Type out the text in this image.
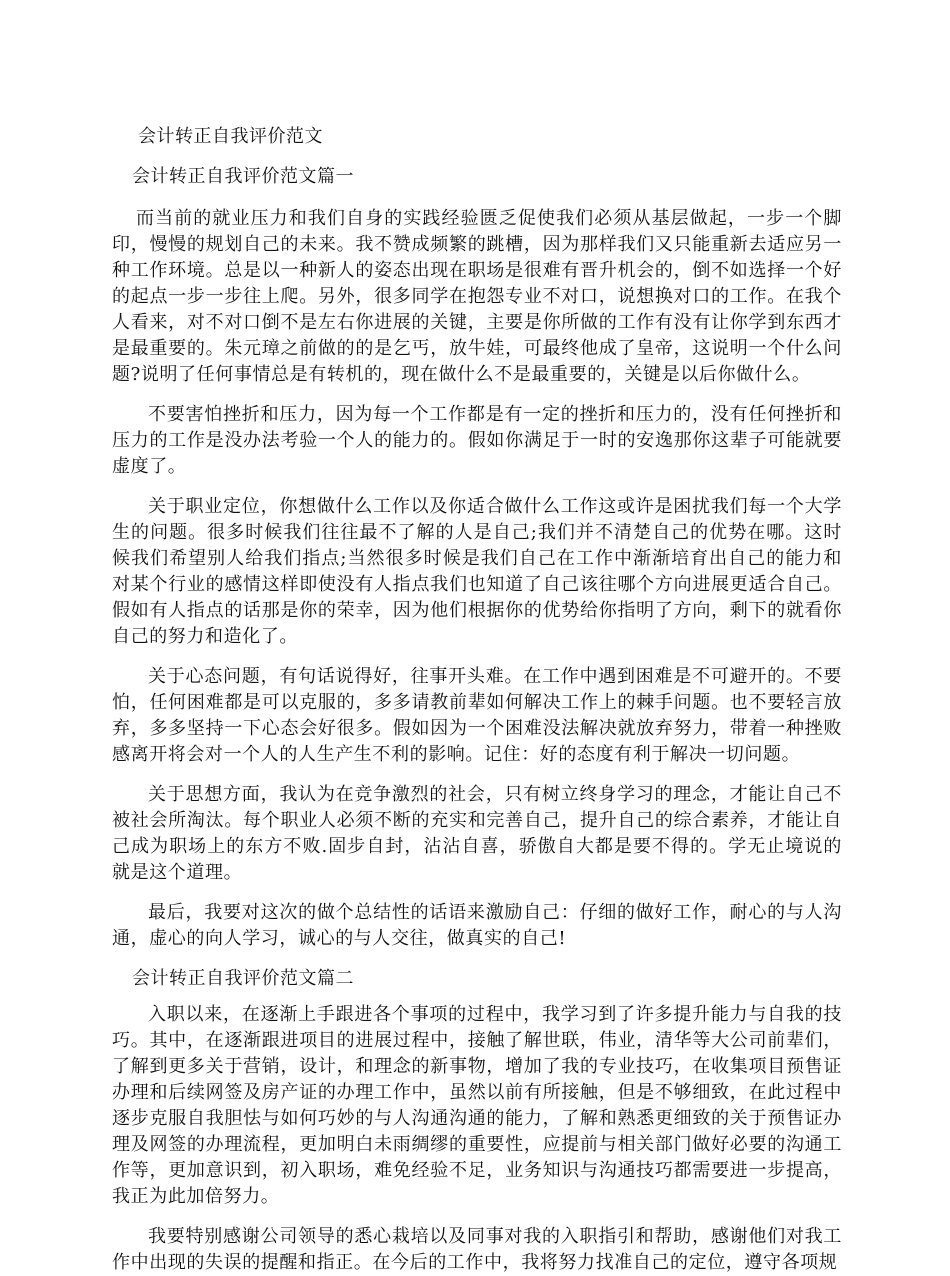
会计转正自我评价范文
会计转正自我评价范文篇一

而当前的就业压力和我们自身的实践经验匮乏促使我们必须从基层做起，一步一个脚印，慢慢的规划自己的未来。我不赞成频繁的跳槽，因为那样我们又只能重新去适应另一种工作环境。总是以一种新人的姿态出现在职场是很难有晋升机会的，倒不如选择一个好的起点一步一步往上爬。另外，很多同学在抱怨专业不对口，说想换对口的工作。在我个人看来，对不对口倒不是左右你进展的关键，主要是你所做的工作有没有让你学到东西才是最重要的。朱元璋之前做的的是乞丐，放牛娃，可最终他成了皇帝，这说明一个什么问题?说明了任何事情总是有转机的，现在做什么不是最重要的，关键是以后你做什么。

不要害怕挫折和压力，因为每一个工作都是有一定的挫折和压力的，没有任何挫折和压力的工作是没办法考验一个人的能力的。假如你满足于一时的安逸那你这辈子可能就要虚度了。

关于职业定位，你想做什么工作以及你适合做什么工作这或许是困扰我们每一个大学生的问题。很多时候我们往往最不了解的人是自己;我们并不清楚自己的优势在哪。这时候我们希望别人给我们指点;当然很多时候是我们自己在工作中渐渐培育出自己的能力和对某个行业的感情这样即使没有人指点我们也知道了自己该往哪个方向进展更适合自己。假如有人指点的话那是你的荣幸，因为他们根据你的优势给你指明了方向，剩下的就看你自己的努力和造化了。

关于心态问题，有句话说得好，往事开头难。在工作中遇到困难是不可避开的。不要怕，任何困难都是可以克服的，多多请教前辈如何解决工作上的棘手问题。也不要轻言放弃，多多坚持一下心态会好很多。假如因为一个困难没法解决就放弃努力，带着一种挫败感离开将会对一个人的人生产生不利的影响。记住：好的态度有利于解决一切问题。

关于思想方面，我认为在竞争激烈的社会，只有树立终身学习的理念，才能让自己不被社会所淘汰。每个职业人必须不断的充实和完善自己，提升自己的综合素养，才能让自己成为职场上的东方不败.固步自封，沾沾自喜，骄傲自大都是要不得的。学无止境说的就是这个道理。

最后，我要对这次的做个总结性的话语来激励自己：仔细的做好工作，耐心的与人沟通，虚心的向人学习，诚心的与人交往，做真实的自己!

会计转正自我评价范文篇二

入职以来，在逐渐上手跟进各个事项的过程中，我学习到了许多提升能力与自我的技巧。其中，在逐渐跟进项目的进展过程中，接触了解世联，伟业，清华等大公司前辈们，了解到更多关于营销，设计，和理念的新事物，增加了我的专业技巧，在收集项目预售证办理和后续网签及房产证的办理工作中，虽然以前有所接触，但是不够细致，在此过程中逐步克服自我胆怯与如何巧妙的与人沟通沟通的能力，了解和熟悉更细致的关于预售证办理及网签的办理流程，更加明白未雨绸缪的重要性，应提前与相关部门做好必要的沟通工作等，更加意识到，初入职场，难免经验不足，业务知识与沟通技巧都需要进一步提高，我正为此加倍努力。

我要特别感谢公司领导的悉心栽培以及同事对我的入职指引和帮助，感谢他们对我工作中出现的失误的提醒和指正。在今后的工作中，我将努力找准自己的定位，遵守各项规
